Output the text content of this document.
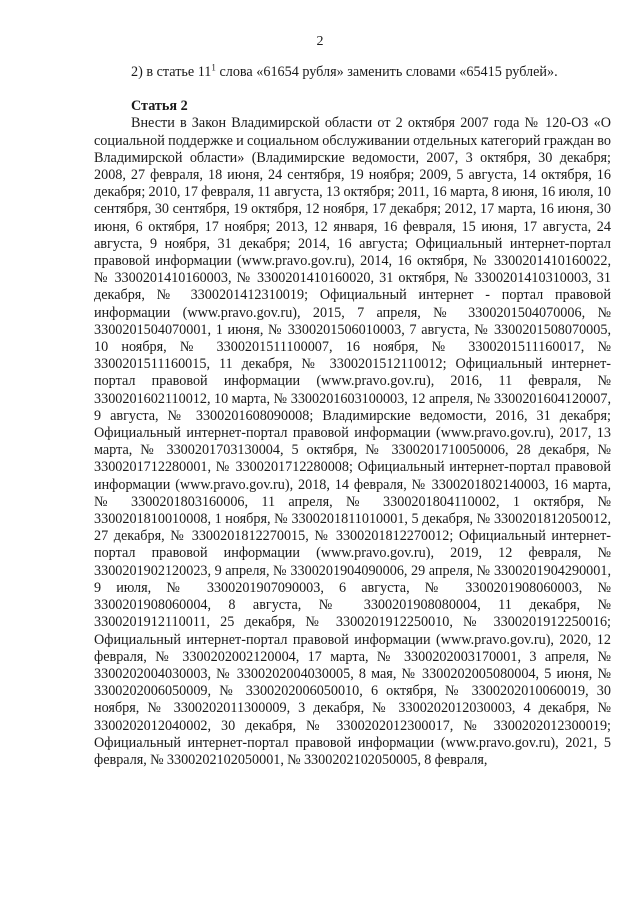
2

2) в статье $11^1$ слова «61654 рубля» заменить словами «65415 рублей».

Статья 2

Внести в Закон Владимирской области от 2 октября 2007 года № 120-ОЗ «О социальной поддержке и социальном обслуживании отдельных категорий граждан во Владимирской области» (Владимирские ведомости, 2007, 3 октября, 30 декабря; 2008, 27 февраля, 18 июня, 24 сентября, 19 ноября; 2009, 5 августа, 14 октября, 16 декабря; 2010, 17 февраля, 11 августа, 13 октября; 2011, 16 марта, 8 июня, 16 июля, 10 сентября, 30 сентября, 19 октября, 12 ноября, 17 декабря; 2012, 17 марта, 16 июня, 30 июня, 6 октября, 17 ноября; 2013, 12 января, 16 февраля, 15 июня, 17 августа, 24 августа, 9 ноября, 31 декабря; 2014, 16 августа; Официальный интернет-портал правовой информации (www.pravo.gov.ru), 2014, 16 октября, № 3300201410160022, № 3300201410160003, № 3300201410160020, 31 октября, № 3300201410310003, 31 декабря, № 3300201412310019; Официальный интернет - портал правовой информации (www.pravo.gov.ru), 2015, 7 апреля, № 3300201504070006, № 3300201504070001, 1 июня, № 3300201506010003, 7 августа, № 3300201508070005, 10 ноября, № 3300201511100007, 16 ноября, № 3300201511160017, № 3300201511160015, 11 декабря, № 3300201512110012; Официальный интернет-портал правовой информации (www.pravo.gov.ru), 2016, 11 февраля, № 3300201602110012, 10 марта, № 3300201603100003, 12 апреля, № 3300201604120007, 9 августа, № 3300201608090008; Владимирские ведомости, 2016, 31 декабря; Официальный интернет-портал правовой информации (www.pravo.gov.ru), 2017, 13 марта, № 3300201703130004, 5 октября, № 3300201710050006, 28 декабря, № 3300201712280001, № 3300201712280008; Официальный интернет-портал правовой информации (www.pravo.gov.ru), 2018, 14 февраля, № 3300201802140003, 16 марта, № 3300201803160006, 11 апреля, № 3300201804110002, 1 октября, № 3300201810010008, 1 ноября, № 3300201811010001, 5 декабря, № 3300201812050012, 27 декабря, № 3300201812270015, № 3300201812270012; Официальный интернет-портал правовой информации (www.pravo.gov.ru), 2019, 12 февраля, № 3300201902120023, 9 апреля, № 3300201904090006, 29 апреля, № 3300201904290001, 9 июля, № 3300201907090003, 6 августа, № 3300201908060003, № 3300201908060004, 8 августа, № 3300201908080004, 11 декабря, № 3300201912110011, 25 декабря, № 3300201912250010, № 3300201912250016; Официальный интернет-портал правовой информации (www.pravo.gov.ru), 2020, 12 февраля, № 3300202002120004, 17 марта, № 3300202003170001, 3 апреля, № 3300202004030003, № 3300202004030005, 8 мая, № 3300202005080004, 5 июня, № 3300202006050009, № 3300202006050010, 6 октября, № 3300202010060019, 30 ноября, № 3300202011300009, 3 декабря, № 3300202012030003, 4 декабря, № 3300202012040002, 30 декабря, № 3300202012300017, № 3300202012300019; Официальный интернет-портал правовой информации (www.pravo.gov.ru), 2021, 5 февраля, № 3300202102050001, № 3300202102050005, 8 февраля,
